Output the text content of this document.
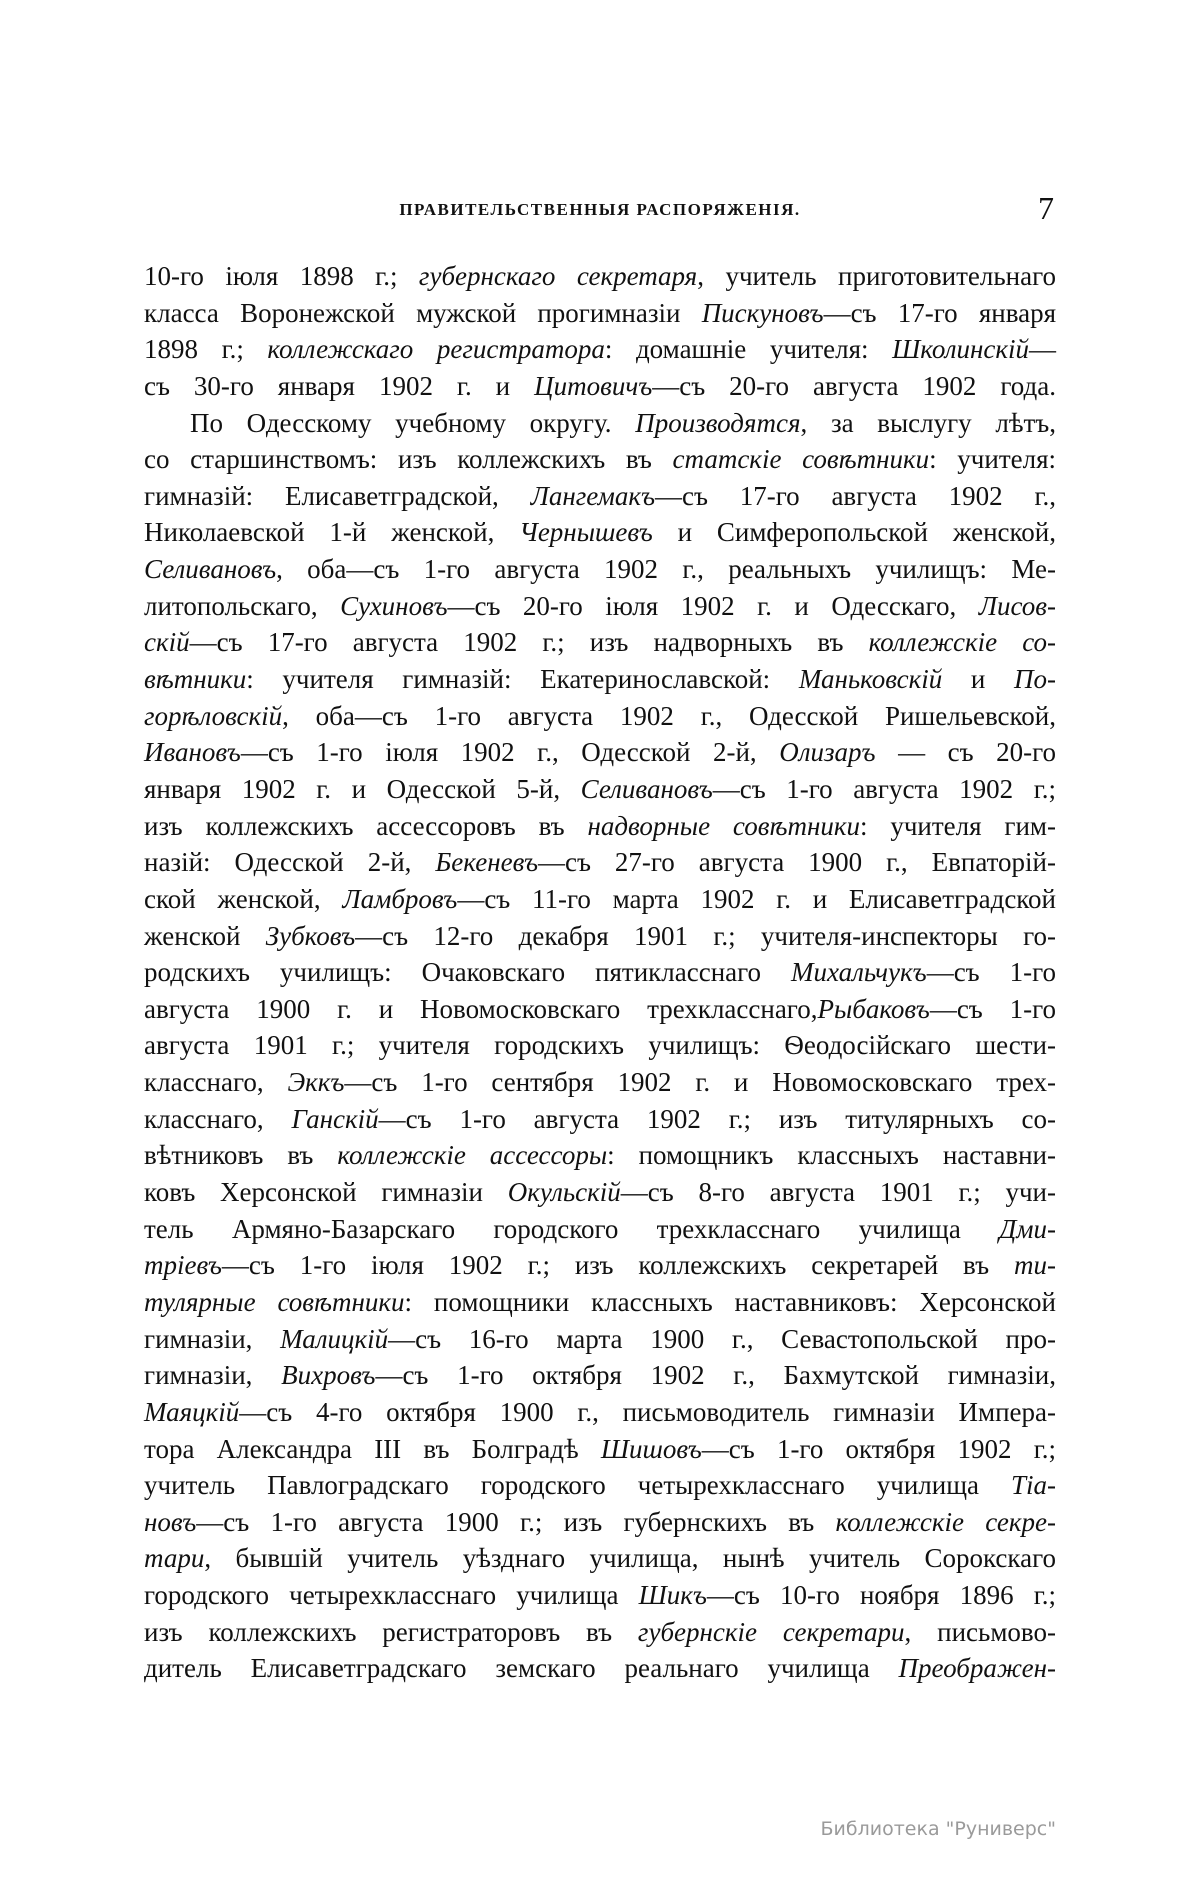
ПРАВИТЕЛЬСТВЕННЫЯ РАСПОРЯЖЕНІЯ.	7
10-го іюля 1898 г.; губернскаго секретаря, учитель приготовительнаго
класса Воронежской мужской прогимназіи Пискуновъ—съ 17-го января
1898 г.; коллежскаго регистратора: домашніе учителя: Школинскій—
съ 30-го января 1902 г. и Цитовичъ—съ 20-го августа 1902 года.
По Одесскому учебному округу. Производятся, за выслугу лѣтъ,
со старшинствомъ: изъ коллежскихъ въ статскіе совѣтники: учителя:
гимназій: Елисаветградской, Лангемакъ—съ 17-го августа 1902 г.,
Николаевской 1-й женской, Чернышевъ и Симферопольской женской,
Селивановъ, оба—съ 1-го августа 1902 г., реальныхъ училищъ: Ме-
литопольскаго, Сухиновъ—съ 20-го іюля 1902 г. и Одесскаго, Лисов-
скій—съ 17-го августа 1902 г.; изъ надворныхъ въ коллежскіе со-
вѣтники: учителя гимназій: Екатеринославской: Маньковскій и По-
горѣловскій, оба—съ 1-го августа 1902 г., Одесской Ришельевской,
Ивановъ—съ 1-го іюля 1902 г., Одесской 2-й, Олизаръ — съ 20-го
января 1902 г. и Одесской 5-й, Селивановъ—съ 1-го августа 1902 г.;
изъ коллежскихъ ассессоровъ въ надворные совѣтники: учителя гим-
назій: Одесской 2-й, Бекеневъ—съ 27-го августа 1900 г., Евпаторій-
ской женской, Ламбровъ—съ 11-го марта 1902 г. и Елисаветградской
женской Зубковъ—съ 12-го декабря 1901 г.; учителя-инспекторы го-
родскихъ училищъ: Очаковскаго пятикласснаго Михальчукъ—съ 1-го
августа 1900 г. и Новомосковскаго трехкласснаго,Рыбаковъ—съ 1-го
августа 1901 г.; учителя городскихъ училищъ: Ѳеодосійскаго шести-
класснаго, Эккъ—съ 1-го сентября 1902 г. и Новомосковскаго трех-
класснаго, Ганскій—съ 1-го августа 1902 г.; изъ титулярныхъ со-
вѣтниковъ въ коллежскіе ассессоры: помощникъ классныхъ наставни-
ковъ Херсонской гимназіи Окульскій—съ 8-го августа 1901 г.; учи-
тель Армяно-Базарскаго городского трехкласснаго училища Дми-
тріевъ—съ 1-го іюля 1902 г.; изъ коллежскихъ секретарей въ ти-
тулярные совѣтники: помощники классныхъ наставниковъ: Херсонской
гимназіи, Малицкій—съ 16-го марта 1900 г., Севастопольской про-
гимназіи, Вихровъ—съ 1-го октября 1902 г., Бахмутской гимназіи,
Маяцкій—съ 4-го октября 1900 г., письмоводитель гимназіи Импера-
тора Александра III въ Болградѣ Шишовъ—съ 1-го октября 1902 г.;
учитель Павлоградскаго городского четырехкласснаго училища Тіа-
новъ—съ 1-го августа 1900 г.; изъ губернскихъ въ коллежскіе секре-
тари, бывшій учитель уѣзднаго училища, нынѣ учитель Сорокскаго
городского четырехкласснаго училища Шикъ—съ 10-го ноября 1896 г.;
изъ коллежскихъ регистраторовъ въ губернскіе секретари, письмово-
дитель Елисаветградскаго земскаго реальнаго училища Преображен-
Библиотека "Руниверс"
